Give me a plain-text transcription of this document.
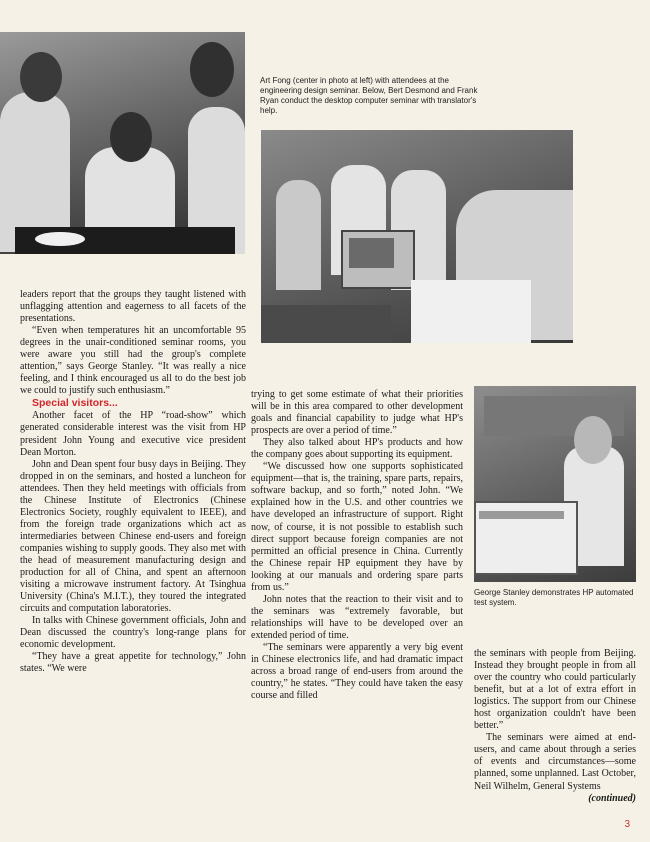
Art Fong (center in photo at left) with attendees at the engineering design seminar. Below, Bert Desmond and Frank Ryan conduct the desktop computer seminar with translator's help.
George Stanley demonstrates HP automated test system.

leaders report that the groups they taught listened with unflagging attention and eagerness to all facets of the presentations.

“Even when temperatures hit an uncomfortable 95 degrees in the unair-conditioned seminar rooms, you were aware you still had the group's complete attention,” says George Stanley. “It was really a nice feeling, and I think encouraged us all to do the best job we could to justify such enthusiasm.”

Special visitors...

Another facet of the HP “road-show” which generated considerable interest was the visit from HP president John Young and executive vice president Dean Morton.

John and Dean spent four busy days in Beijing. They dropped in on the seminars, and hosted a luncheon for attendees. Then they held meetings with officials from the Chinese Institute of Electronics (Chinese Electronics Society, roughly equivalent to IEEE), and from the foreign trade organizations which act as intermediaries between Chinese end-users and foreign companies wishing to supply goods. They also met with the head of measurement manufacturing design and production for all of China, and spent an afternoon visiting a microwave instrument factory. At Tsinghua University (China's M.I.T.), they toured the integrated circuits and computation laboratories.

In talks with Chinese government officials, John and Dean discussed the country's long-range plans for economic development.

“They have a great appetite for technology,” John states. “We were

trying to get some estimate of what their priorities will be in this area compared to other development goals and financial capability to judge what HP's prospects are over a period of time.”

They also talked about HP's products and how the company goes about supporting its equipment.

“We discussed how one supports sophisticated equipment—that is, the training, spare parts, repairs, software backup, and so forth,” noted John. “We explained how in the U.S. and other countries we have developed an infrastructure of support. Right now, of course, it is not possible to establish such direct support because foreign companies are not permitted an official presence in China. Currently the Chinese repair HP equipment they have by looking at our manuals and ordering spare parts from us.”

John notes that the reaction to their visit and to the seminars was “extremely favorable, but relationships will have to be developed over an extended period of time.

“The seminars were apparently a very big event in Chinese electronics life, and had dramatic impact across a broad range of end-users from around the country,” he states. “They could have taken the easy course and filled

the seminars with people from Beijing. Instead they brought people in from all over the country who could particularly benefit, but at a lot of extra effort in logistics. The support from our Chinese host organization couldn't have been better.”

The seminars were aimed at end-users, and came about through a series of events and circumstances—some planned, some unplanned. Last October, Neil Wilhelm, General Systems

(continued)

3
